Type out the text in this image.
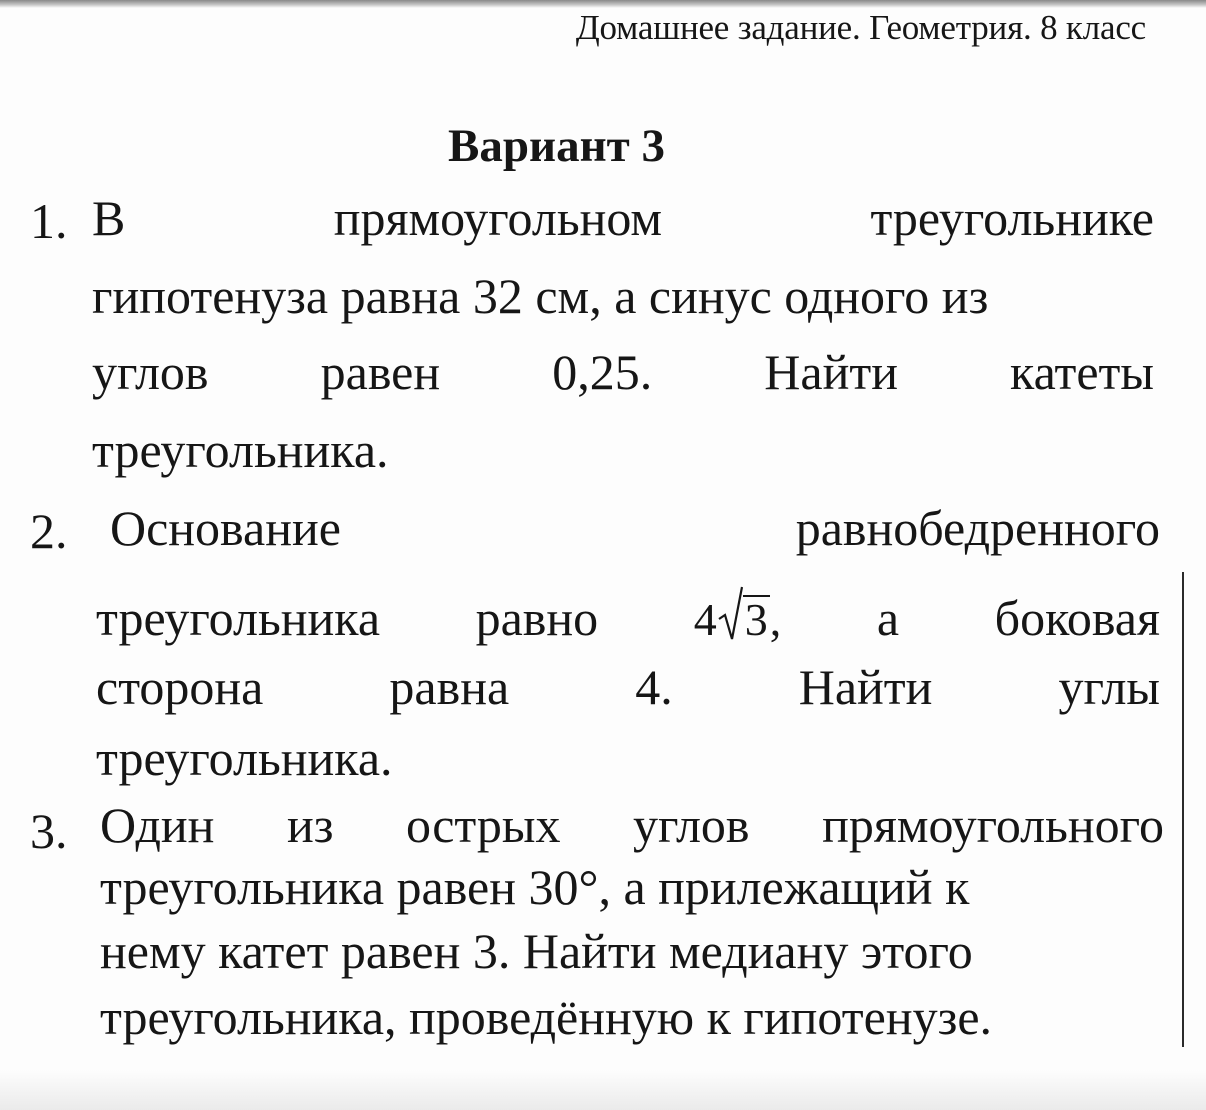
Домашнее задание. Геометрия. 8 класс
Вариант 3
1. В	прямоугольном	треугольнике
гипотенуза равна 32 см, а синус одного из
углов равен 0,25. Найти катеты
треугольника.
2. Основание	равнобедренного
треугольника равно 4 3 , а боковая
сторона	равна	4.	Найти	углы
треугольника.
3. Один из острых углов прямоугольного
треугольника равен 30°, а прилежащий к
нему катет равен 3. Найти медиану этого
треугольника, проведённую к гипотенузе.
